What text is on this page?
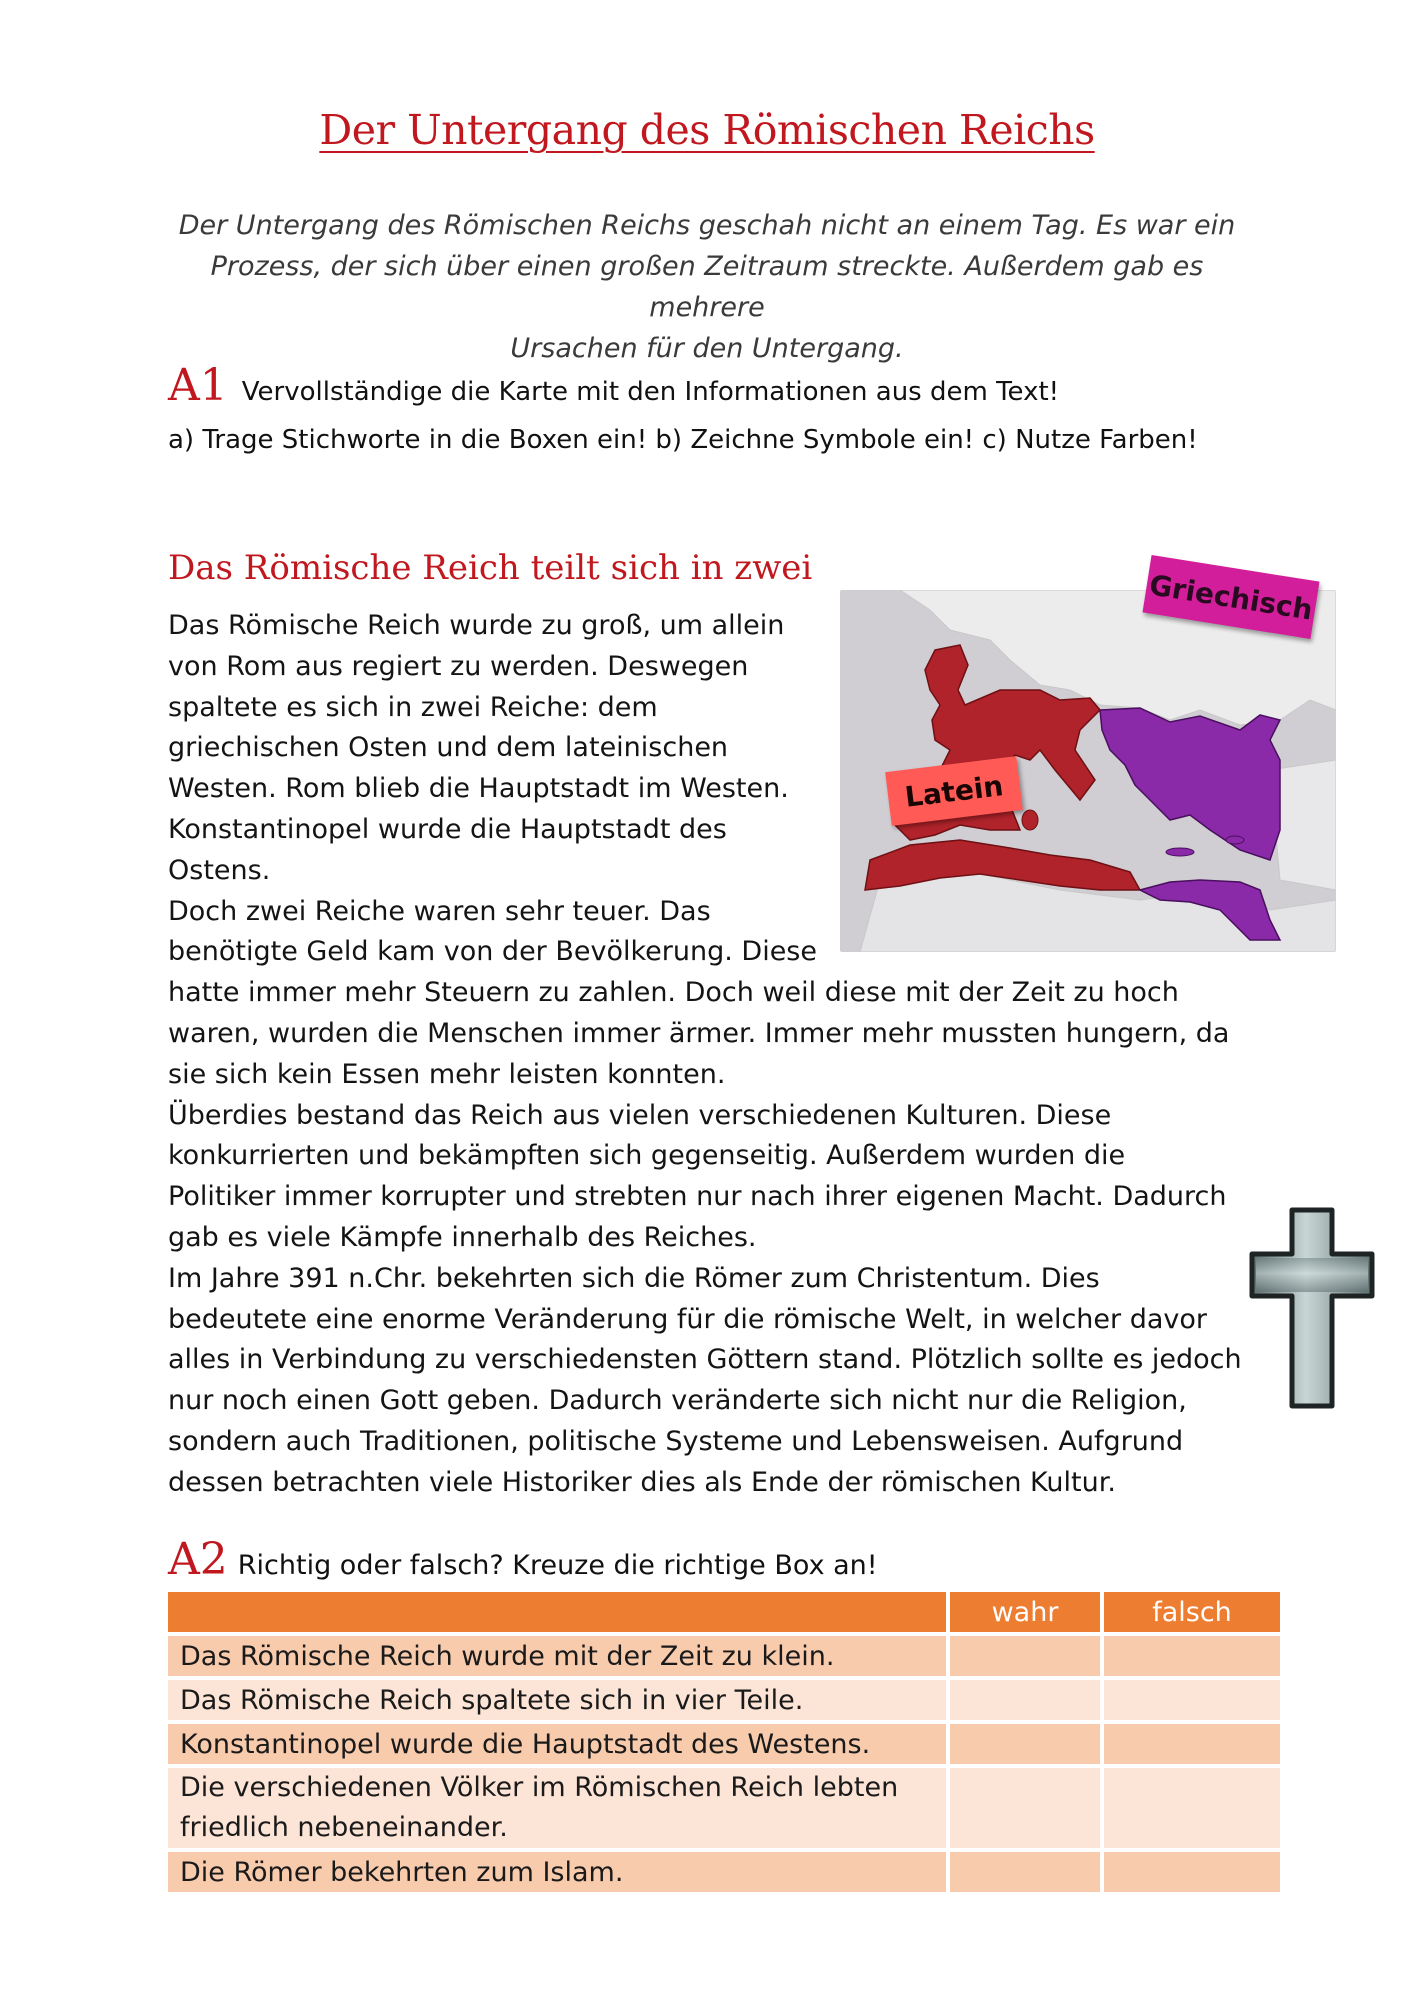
Der Untergang des Römischen Reichs
Der Untergang des Römischen Reichs geschah nicht an einem Tag. Es war ein
Prozess, der sich über einen großen Zeitraum streckte. Außerdem gab es mehrere
Ursachen für den Untergang.
A1 Vervollständige die Karte mit den Informationen aus dem Text!
a) Trage Stichworte in die Boxen ein! b) Zeichne Symbole ein! c) Nutze Farben!
Das Römische Reich teilt sich in zwei
Das Römische Reich wurde zu groß, um allein
von Rom aus regiert zu werden. Deswegen
spaltete es sich in zwei Reiche: dem
griechischen Osten und dem lateinischen
Westen. Rom blieb die Hauptstadt im Westen.
Konstantinopel wurde die Hauptstadt des
Ostens.
Doch zwei Reiche waren sehr teuer. Das
benötigte Geld kam von der Bevölkerung. Diese
hatte immer mehr Steuern zu zahlen. Doch weil diese mit der Zeit zu hoch
waren, wurden die Menschen immer ärmer. Immer mehr mussten hungern, da
sie sich kein Essen mehr leisten konnten.
Überdies bestand das Reich aus vielen verschiedenen Kulturen. Diese
konkurrierten und bekämpften sich gegenseitig. Außerdem wurden die
Politiker immer korrupter und strebten nur nach ihrer eigenen Macht. Dadurch
gab es viele Kämpfe innerhalb des Reiches.
Im Jahre 391 n.Chr. bekehrten sich die Römer zum Christentum. Dies
bedeutete eine enorme Veränderung für die römische Welt, in welcher davor
alles in Verbindung zu verschiedensten Göttern stand. Plötzlich sollte es jedoch
nur noch einen Gott geben. Dadurch veränderte sich nicht nur die Religion,
sondern auch Traditionen, politische Systeme und Lebensweisen. Aufgrund
dessen betrachten viele Historiker dies als Ende der römischen Kultur.
Griechisch
Latein
A2 Richtig oder falsch? Kreuze die richtige Box an!
	wahr	falsch
Das Römische Reich wurde mit der Zeit zu klein.		
Das Römische Reich spaltete sich in vier Teile.		
Konstantinopel wurde die Hauptstadt des Westens.		

Die verschiedenen Völker im Römischen Reich lebten
friedlich nebeneinander.		

Die Römer bekehrten zum Islam.		
